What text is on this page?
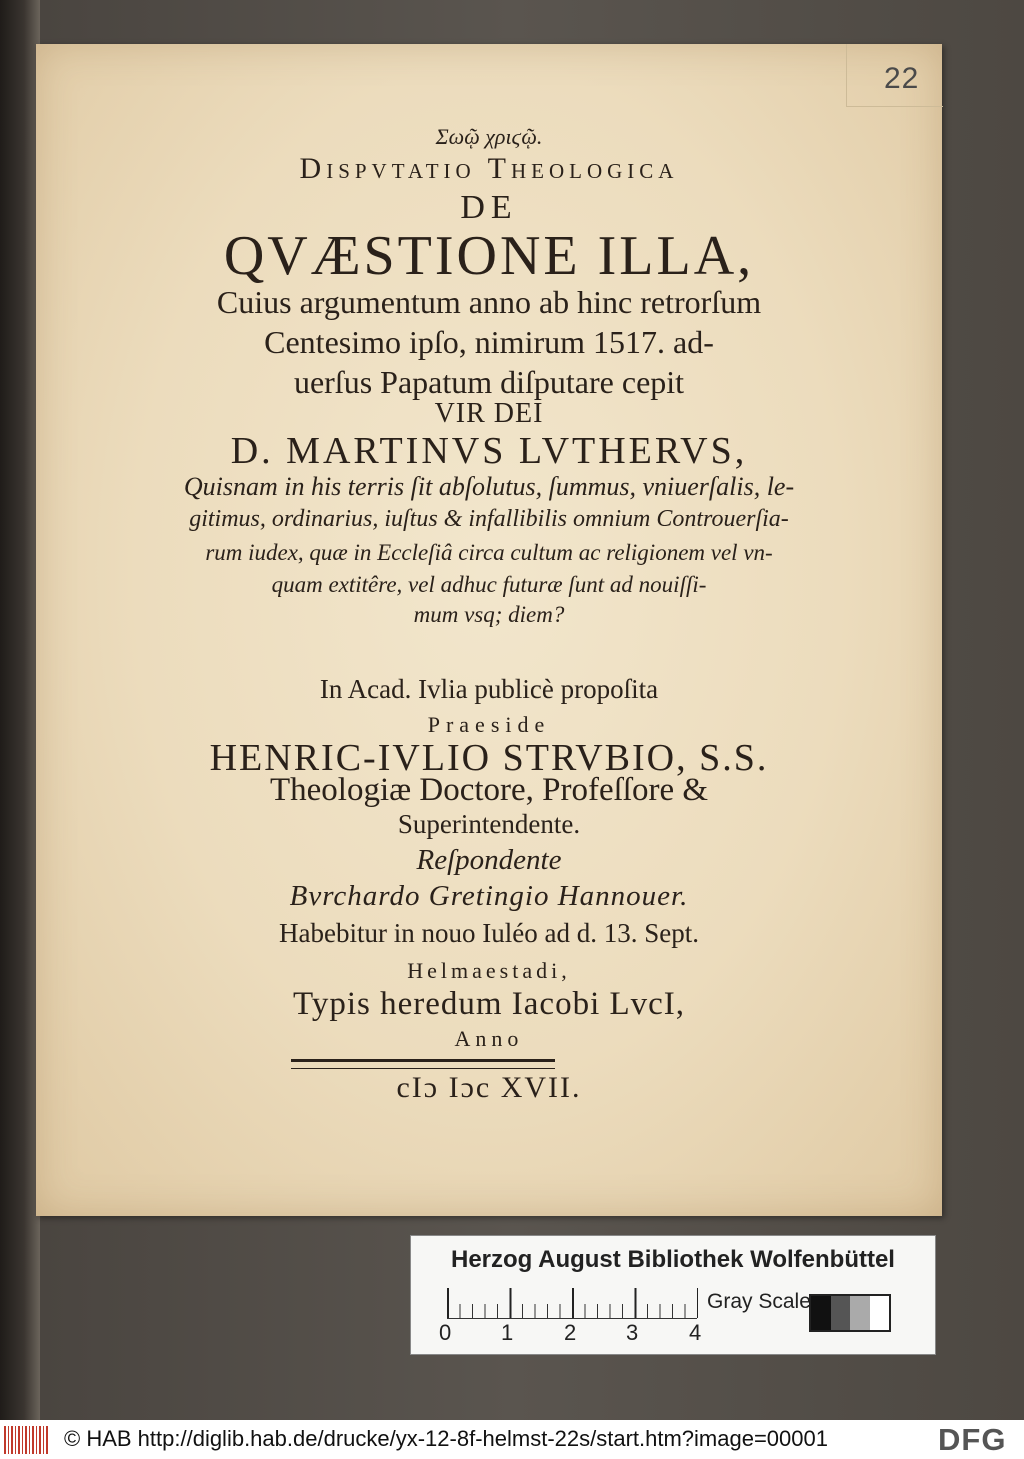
22
Σωῷ χριϛῷ.
Dispvtatio Theologica
DE
QVÆSTIONE ILLA,
Cuius argumentum anno ab hinc retrorſum
Centesimo ipſo, nimirum 1517. ad-
uerſus Papatum diſputare cepit
VIR DEI
D. MARTINVS LVTHERVS,
Quisnam in his terris ſit abſolutus, ſummus, vniuerſalis, le-
gitimus, ordinarius, iuſtus & infallibilis omnium Controuerſia-
rum iudex, quæ in Eccleſiâ circa cultum ac religionem vel vn-
quam extitêre, vel adhuc futuræ ſunt ad nouiſſi-
mum vsq; diem?
In Acad. Ivlia publicè propoſita
Praeside
HENRIC-IVLIO STRVBIO, S.S.
Theologiæ Doctore, Profeſſore &
Superintendente.
Reſpondente
Bvrchardo Gretingio Hannouer.
Habebitur in nouo Iuléo ad d. 13. Sept.
Helmaestadi,
Typis heredum Iacobi LvcI,
Anno
cIɔ Iɔc XVII.
Herzog August Bibliothek Wolfenbüttel
0 1 2 3 4
Gray Scale
© HAB http://diglib.hab.de/drucke/yx-12-8f-helmst-22s/start.htm?image=00001	DFG
